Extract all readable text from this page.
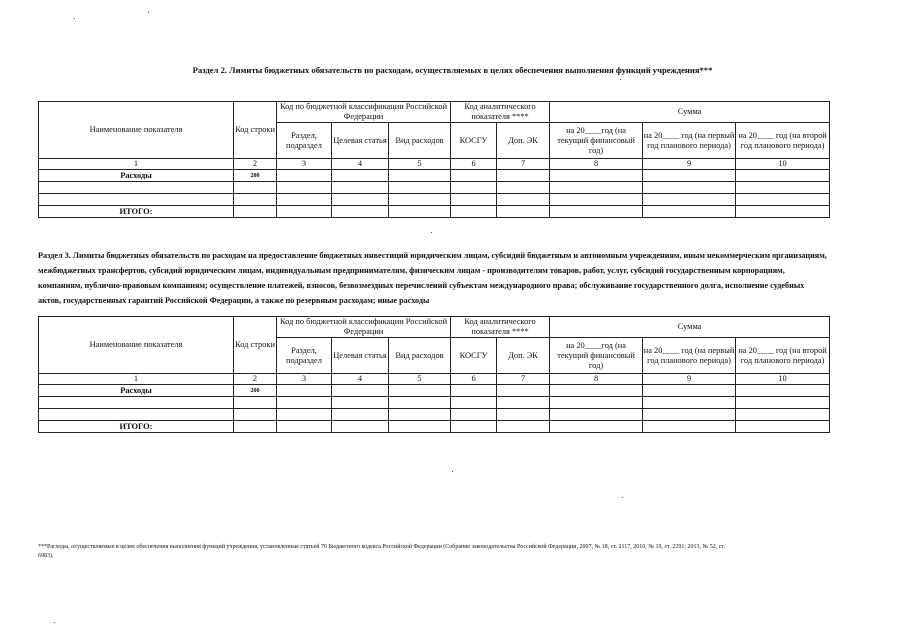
Раздел 2. Лимиты бюджетных обязательств по расходам, осуществляемых в целях обеспечения выполнения функций учреждения***
Наименование показателя	Код строки	Код по бюджетной классификации Российской Федерации			Код аналитического показателя ****		Сумма		
		Раздел, подраздел	Целевая статья	Вид расходов	КОСГУ	Доп. ЭК	на 20____год (на текущий финансовый год)	на 20____ год (на первый год планового периода)	на 20____ год (на второй год планового периода)
1	2	3	4	5	6	7	8	9	10
Расходы	200								

ИТОГО:									
Раздел 3. Лимиты бюджетных обязательств по расходам на предоставление бюджетных инвестиций юридическим лицам, субсидий бюджетным и автономным учреждениям, иным некоммерческим организациям, межбюджетных трансфертов, субсидий юридическим лицам, индивидуальным предпринимателям, физическим лицам - производителям товаров, работ, услуг, субсидий государственным корпорациям, компаниям, публично-правовым компаниям; осуществление платежей, взносов, безвозмездных перечислений субъектам международного права; обслуживание государственного долга, исполнение судебных актов, государственных гарантий Российской Федерации, а также по резервным расходам; иные расходы
Наименование показателя	Код строки	Код по бюджетной классификации Российской Федерации			Код аналитического показателя ****		Сумма		
		Раздел, подраздел	Целевая статья	Вид расходов	КОСГУ	Доп. ЭК	на 20____год (на текущий финансовый год)	на 20____ год (на первый год планового периода)	на 20____ год (на второй год планового периода)
1	2	3	4	5	6	7	8	9	10
Расходы	200								

ИТОГО:									
***Расходы, осуществляемые в целях обеспечения выполнения функций учреждения, установленные статьей 70 Бюджетного кодекса Российской Федерации (Собрание законодательства Российской Федерации, 2007, № 18, ст. 2117, 2010, № 19, ст. 2291; 2013, № 52, ст. 6983).
